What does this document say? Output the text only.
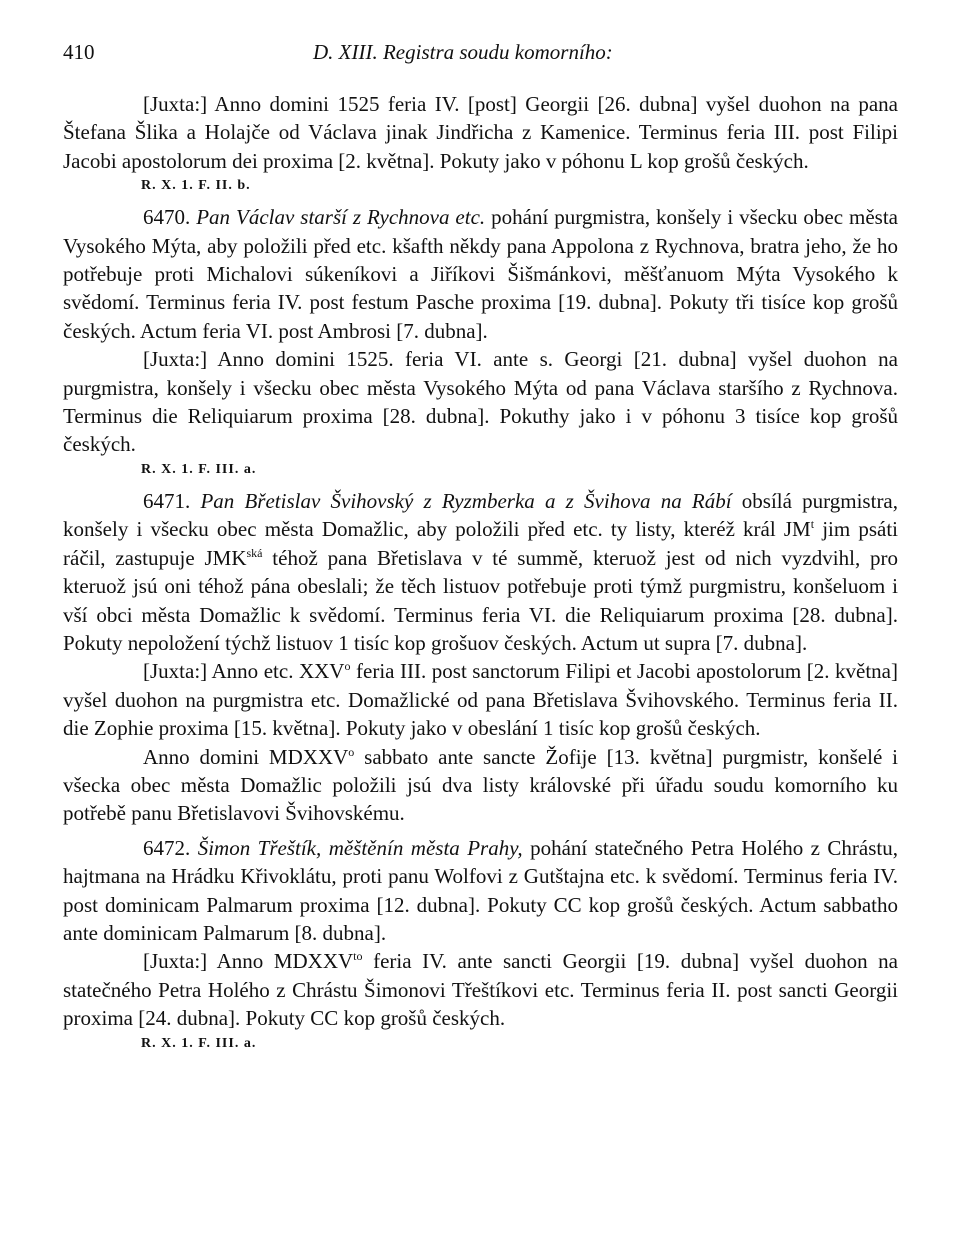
410	D. XIII. Registra soudu komorního:

[Juxta:] Anno domini 1525 feria IV. [post] Georgii [26. dubna] vyšel duohon na pana Štefana Šlika a Holajče od Václava jinak Jindřicha z Kamenice. Terminus feria III. post Filipi Jacobi apostolorum dei proxima [2. května]. Pokuty jako v póhonu L kop grošů českých.

R. X. 1. F. II. b.

6470. Pan Václav starší z Rychnova etc. pohání purgmistra, konšely i všecku obec města Vysokého Mýta, aby položili před etc. kšafth někdy pana Appolona z Rychnova, bratra jeho, že ho potřebuje proti Michalovi súkeníkovi a Jiříkovi Šišmánkovi, měšťanuom Mýta Vysokého k svědomí. Terminus feria IV. post festum Pasche proxima [19. dubna]. Pokuty tři tisíce kop grošů českých. Actum feria VI. post Ambrosi [7. dubna].

[Juxta:] Anno domini 1525. feria VI. ante s. Georgi [21. dubna] vyšel duohon na purgmistra, konšely i všecku obec města Vysokého Mýta od pana Václava staršího z Rychnova. Terminus die Reliquiarum proxima [28. dubna]. Pokuthy jako i v póhonu 3 tisíce kop grošů českých.

R. X. 1. F. III. a.

6471. Pan Břetislav Švihovský z Ryzmberka a z Švihova na Rábí obsílá purgmistra, konšely i všecku obec města Domažlic, aby položili před etc. ty listy, kteréž král $JM^t$ jim psáti ráčil, zastupuje $JMK^{ská}$ téhož pana Břetislava v té summě, kteruož jest od nich vyzdvihl, pro kteruož jsú oni téhož pána obeslali; že těch listuov potřebuje proti týmž purgmistru, konšeluom i vší obci města Domažlic k svědomí. Terminus feria VI. die Reliquiarum proxima [28. dubna]. Pokuty nepoložení týchž listuov 1 tisíc kop grošuov českých. Actum ut supra [7. dubna].

[Juxta:] Anno etc. XXV$^o$ feria III. post sanctorum Filipi et Jacobi apostolorum [2. května] vyšel duohon na purgmistra etc. Domažlické od pana Břetislava Švihovského. Terminus feria II. die Zophie proxima [15. května]. Pokuty jako v obeslání 1 tisíc kop grošů českých.

Anno domini MDXXV$^o$ sabbato ante sancte Žofije [13. května] purgmistr, konšelé i všecka obec města Domažlic položili jsú dva listy královské při úřadu soudu komorního ku potřebě panu Břetislavovi Švihovskému.

6472. Šimon Třeštík, měštěnín města Prahy, pohání statečného Petra Holého z Chrástu, hajtmana na Hrádku Křivoklátu, proti panu Wolfovi z Gutštajna etc. k svědomí. Terminus feria IV. post dominicam Palmarum proxima [12. dubna]. Pokuty CC kop grošů českých. Actum sabbatho ante dominicam Palmarum [8. dubna].

[Juxta:] Anno $MDXXV^{to}$ feria IV. ante sancti Georgii [19. dubna] vyšel duohon na statečného Petra Holého z Chrástu Šimonovi Třeštíkovi etc. Terminus feria II. post sancti Georgii proxima [24. dubna]. Pokuty CC kop grošů českých.

R. X. 1. F. III. a.
